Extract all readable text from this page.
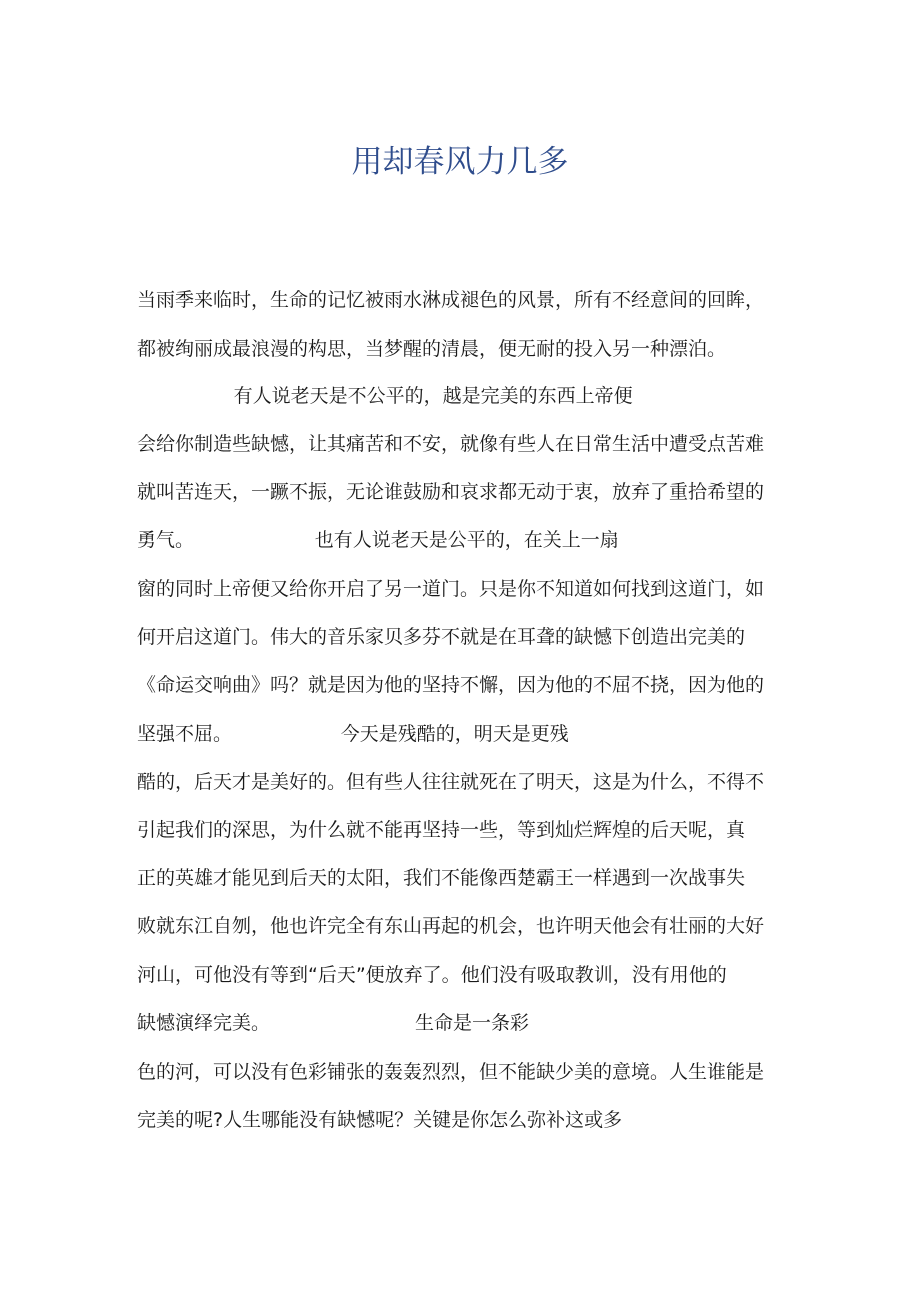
用却春风力几多
当雨季来临时，生命的记忆被雨水淋成褪色的风景，所有不经意间的回眸，
都被绚丽成最浪漫的构思，当梦醒的清晨，便无耐的投入另一种漂泊。
有人说老天是不公平的，越是完美的东西上帝便
会给你制造些缺憾，让其痛苦和不安，就像有些人在日常生活中遭受点苦难
就叫苦连天，一蹶不振，无论谁鼓励和哀求都无动于衷，放弃了重拾希望的
勇气。                    也有人说老天是公平的，在关上一扇
窗的同时上帝便又给你开启了另一道门。只是你不知道如何找到这道门，如
何开启这道门。伟大的音乐家贝多芬不就是在耳聋的缺憾下创造出完美的
《命运交响曲》吗？就是因为他的坚持不懈，因为他的不屈不挠，因为他的
坚强不屈。                  今天是残酷的，明天是更残
酷的，后天才是美好的。但有些人往往就死在了明天，这是为什么，不得不
引起我们的深思，为什么就不能再坚持一些，等到灿烂辉煌的后天呢，真
正的英雄才能见到后天的太阳，我们不能像西楚霸王一样遇到一次战事失
败就东江自刎，他也许完全有东山再起的机会，也许明天他会有壮丽的大好
河山，可他没有等到“后天”便放弃了。他们没有吸取教训，没有用他的
缺憾演绎完美。                        生命是一条彩
色的河，可以没有色彩铺张的轰轰烈烈，但不能缺少美的意境。人生谁能是
完美的呢?人生哪能没有缺憾呢？关键是你怎么弥补这或多
